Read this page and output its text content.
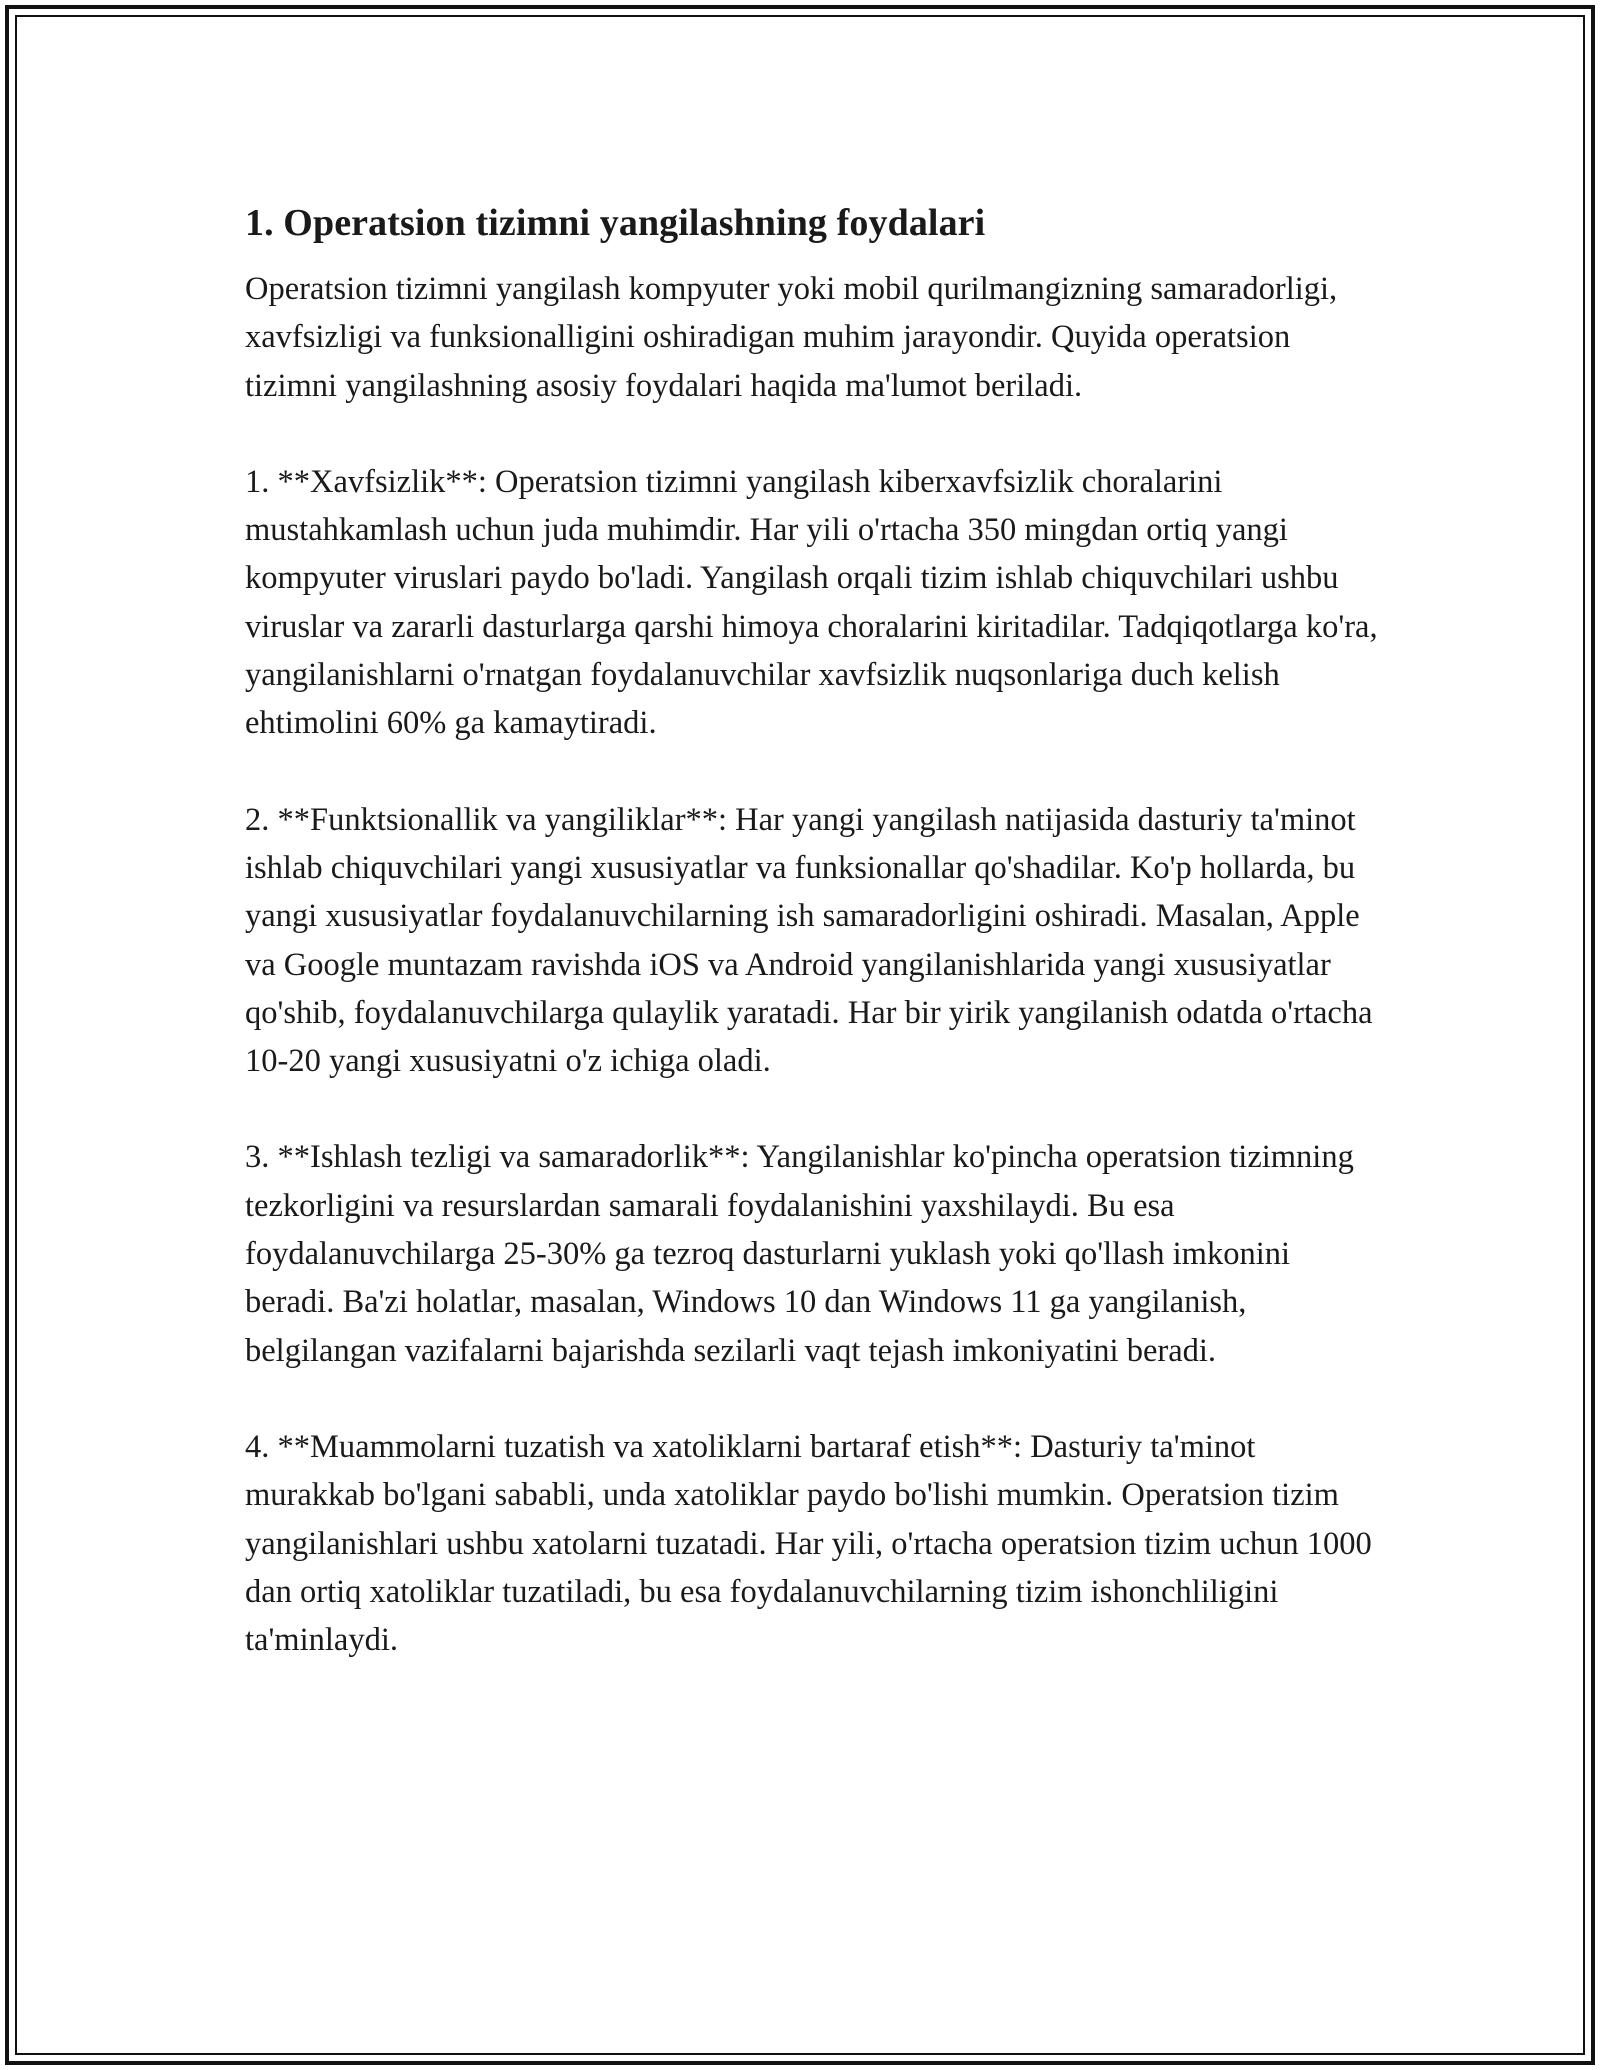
1. Operatsion tizimni yangilashning foydalari

Operatsion tizimni yangilash kompyuter yoki mobil qurilmangizning samaradorligi, xavfsizligi va funksionalligini oshiradigan muhim jarayondir. Quyida operatsion tizimni yangilashning asosiy foydalari haqida ma'lumot beriladi.

1. **Xavfsizlik**: Operatsion tizimni yangilash kiberxavfsizlik choralarini mustahkamlash uchun juda muhimdir. Har yili o'rtacha 350 mingdan ortiq yangi kompyuter viruslari paydo bo'ladi. Yangilash orqali tizim ishlab chiquvchilari ushbu viruslar va zararli dasturlarga qarshi himoya choralarini kiritadilar. Tadqiqotlarga ko'ra, yangilanishlarni o'rnatgan foydalanuvchilar xavfsizlik nuqsonlariga duch kelish ehtimolini 60% ga kamaytiradi.

2. **Funktsionallik va yangiliklar**: Har yangi yangilash natijasida dasturiy ta'minot ishlab chiquvchilari yangi xususiyatlar va funksionallar qo'shadilar. Ko'p hollarda, bu yangi xususiyatlar foydalanuvchilarning ish samaradorligini oshiradi. Masalan, Apple va Google muntazam ravishda iOS va Android yangilanishlarida yangi xususiyatlar qo'shib, foydalanuvchilarga qulaylik yaratadi. Har bir yirik yangilanish odatda o'rtacha 10-20 yangi xususiyatni o'z ichiga oladi.

3. **Ishlash tezligi va samaradorlik**: Yangilanishlar ko'pincha operatsion tizimning tezkorligini va resurslardan samarali foydalanishini yaxshilaydi. Bu esa foydalanuvchilarga 25-30% ga tezroq dasturlarni yuklash yoki qo'llash imkonini beradi. Ba'zi holatlar, masalan, Windows 10 dan Windows 11 ga yangilanish, belgilangan vazifalarni bajarishda sezilarli vaqt tejash imkoniyatini beradi.

4. **Muammolarni tuzatish va xatoliklarni bartaraf etish**: Dasturiy ta'minot murakkab bo'lgani sababli, unda xatoliklar paydo bo'lishi mumkin. Operatsion tizim yangilanishlari ushbu xatolarni tuzatadi. Har yili, o'rtacha operatsion tizim uchun 1000 dan ortiq xatoliklar tuzatiladi, bu esa foydalanuvchilarning tizim ishonchliligini ta'minlaydi.
